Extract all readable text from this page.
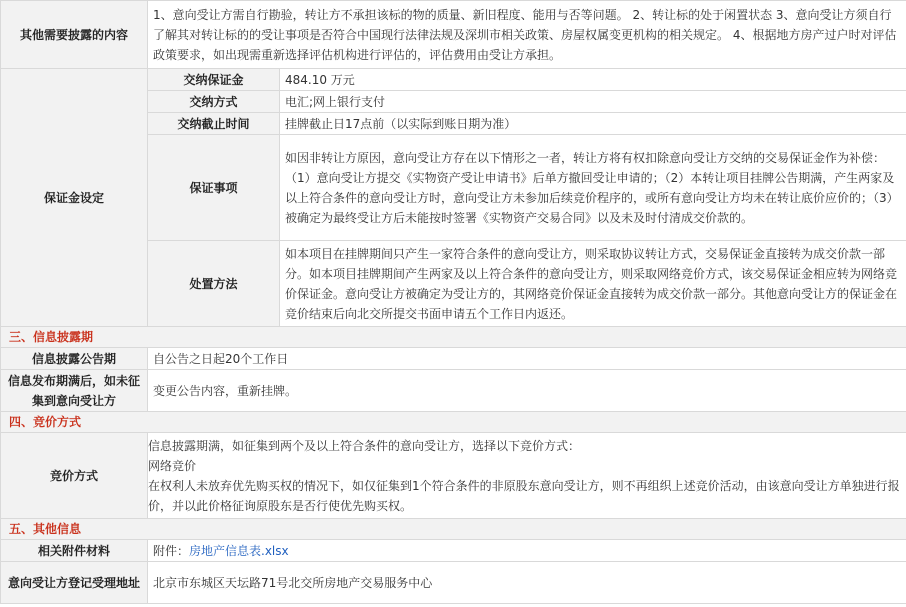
其他需要披露的内容	1、意向受让方需自行勘验，转让方不承担该标的物的质量、新旧程度、能用与否等问题。 2、转让标的处于闲置状态 3、意向受让方须自行了解其对转让标的的受让事项是否符合中国现行法律法规及深圳市相关政策、房屋权属变更机构的相关规定。 4、根据地方房产过户时对评估政策要求，如出现需重新选择评估机构进行评估的，评估费用由受让方承担。	
保证金设定	交纳保证金	484.10 万元
	交纳方式	电汇;网上银行支付
	交纳截止时间	挂牌截止日17点前（以实际到账日期为准）
	保证事项	如因非转让方原因，意向受让方存在以下情形之一者，转让方将有权扣除意向受让方交纳的交易保证金作为补偿：（1）意向受让方提交《实物资产受让申请书》后单方撤回受让申请的；（2）本转让项目挂牌公告期满，产生两家及以上符合条件的意向受让方时，意向受让方未参加后续竞价程序的，或所有意向受让方均未在转让底价应价的；（3）被确定为最终受让方后未能按时签署《实物资产交易合同》以及未及时付清成交价款的。
	处置方法	如本项目在挂牌期间只产生一家符合条件的意向受让方，则采取协议转让方式，交易保证金直接转为成交价款一部分。如本项目挂牌期间产生两家及以上符合条件的意向受让方，则采取网络竞价方式，该交易保证金相应转为网络竞价保证金。意向受让方被确定为受让方的，其网络竞价保证金直接转为成交价款一部分。其他意向受让方的保证金在竞价结束后向北交所提交书面申请五个工作日内返还。
三、信息披露期		
信息披露公告期	自公告之日起20个工作日	
信息发布期满后，如未征集到意向受让方	变更公告内容，重新挂牌。	
四、竞价方式		
竞价方式	信息披露期满，如征集到两个及以上符合条件的意向受让方，选择以下竞价方式：
网络竞价
在权利人未放弃优先购买权的情况下，如仅征集到1个符合条件的非原股东意向受让方，则不再组织上述竞价活动，由该意向受让方单独进行报价，并以此价格征询原股东是否行使优先购买权。	

五、其他信息		
相关附件材料	附件：房地产信息表.xlsx	
意向受让方登记受理地址	北京市东城区天坛路71号北交所房地产交易服务中心	
